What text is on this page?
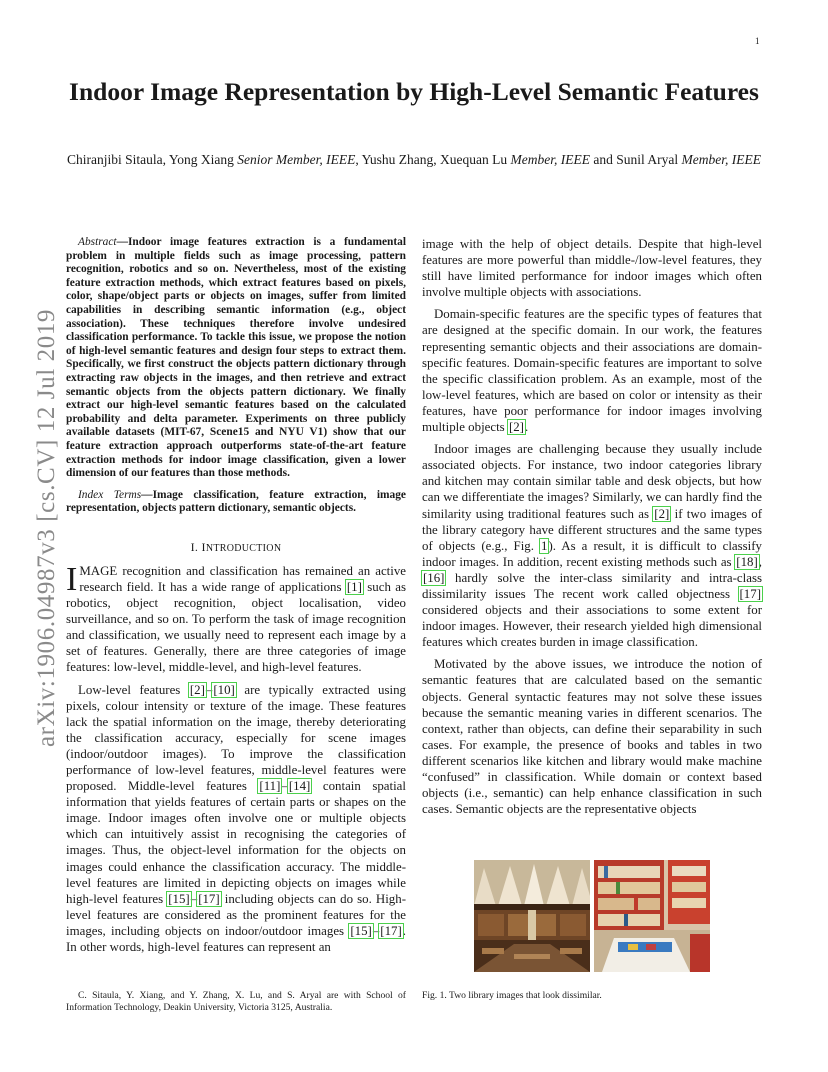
1
arXiv:1906.04987v3 [cs.CV] 12 Jul 2019
Indoor Image Representation by High-Level Semantic Features
Chiranjibi Sitaula, Yong Xiang Senior Member, IEEE, Yushu Zhang, Xuequan Lu Member, IEEE and Sunil Aryal Member, IEEE

Abstract—Indoor image features extraction is a fundamental problem in multiple fields such as image processing, pattern recognition, robotics and so on. Nevertheless, most of the existing feature extraction methods, which extract features based on pixels, color, shape/object parts or objects on images, suffer from limited capabilities in describing semantic information (e.g., object association). These techniques therefore involve undesired classification performance. To tackle this issue, we propose the notion of high-level semantic features and design four steps to extract them. Specifically, we first construct the objects pattern dictionary through extracting raw objects in the images, and then retrieve and extract semantic objects from the objects pattern dictionary. We finally extract our high-level semantic features based on the calculated probability and delta parameter. Experiments on three publicly available datasets (MIT-67, Scene15 and NYU V1) show that our feature extraction approach outperforms state-of-the-art feature extraction methods for indoor image classification, given a lower dimension of our features than those methods.

Index Terms—Image classification, feature extraction, image representation, objects pattern dictionary, semantic objects.

I. INTRODUCTION

IMAGE recognition and classification has remained an active research field. It has a wide range of applications [1] such as robotics, object recognition, object localisation, video surveillance, and so on. To perform the task of image recognition and classification, we usually need to represent each image by a set of features. Generally, there are three categories of image features: low-level, middle-level, and high-level features.

Low-level features [2]–[10] are typically extracted using pixels, colour intensity or texture of the image. These features lack the spatial information on the image, thereby deteriorating the classification accuracy, especially for scene images (indoor/outdoor images). To improve the classification performance of low-level features, middle-level features were proposed. Middle-level features [11]–[14] contain spatial information that yields features of certain parts or shapes on the image. Indoor images often involve one or multiple objects which can intuitively assist in recognising the categories of images. Thus, the object-level information for the objects on images could enhance the classification accuracy. The middle-level features are limited in depicting objects on images while high-level features [15]–[17] including objects can do so. High-level features are considered as the prominent features for the images, including objects on indoor/outdoor images [15]–[17]. In other words, high-level features can represent an

C. Sitaula, Y. Xiang, and Y. Zhang, X. Lu, and S. Aryal are with School of Information Technology, Deakin University, Victoria 3125, Australia.

image with the help of object details. Despite that high-level features are more powerful than middle-/low-level features, they still have limited performance for indoor images which often involve multiple objects with associations.

Domain-specific features are the specific types of features that are designed at the specific domain. In our work, the features representing semantic objects and their associations are domain-specific features. Domain-specific features are important to solve the specific classification problem. As an example, most of the low-level features, which are based on color or intensity as their features, have poor performance for indoor images involving multiple objects [2].

Indoor images are challenging because they usually include associated objects. For instance, two indoor categories library and kitchen may contain similar table and desk objects, but how can we differentiate the images? Similarly, we can hardly find the similarity using traditional features such as [2] if two images of the library category have different structures and the same types of objects (e.g., Fig. 1). As a result, it is difficult to classify indoor images. In addition, recent existing methods such as [18], [16] hardly solve the inter-class similarity and intra-class dissimilarity issues The recent work called objectness [17] considered objects and their associations to some extent for indoor images. However, their research yielded high dimensional features which creates burden in image classification.

Motivated by the above issues, we introduce the notion of semantic features that are calculated based on the semantic objects. General syntactic features may not solve these issues because the semantic meaning varies in different scenarios. The context, rather than objects, can define their separability in such cases. For example, the presence of books and tables in two different scenarios like kitchen and library would make machine “confused” in classification. While domain or context based objects (i.e., semantic) can help enhance classification in such cases. Semantic objects are the representative objects

Fig. 1. Two library images that look dissimilar.
